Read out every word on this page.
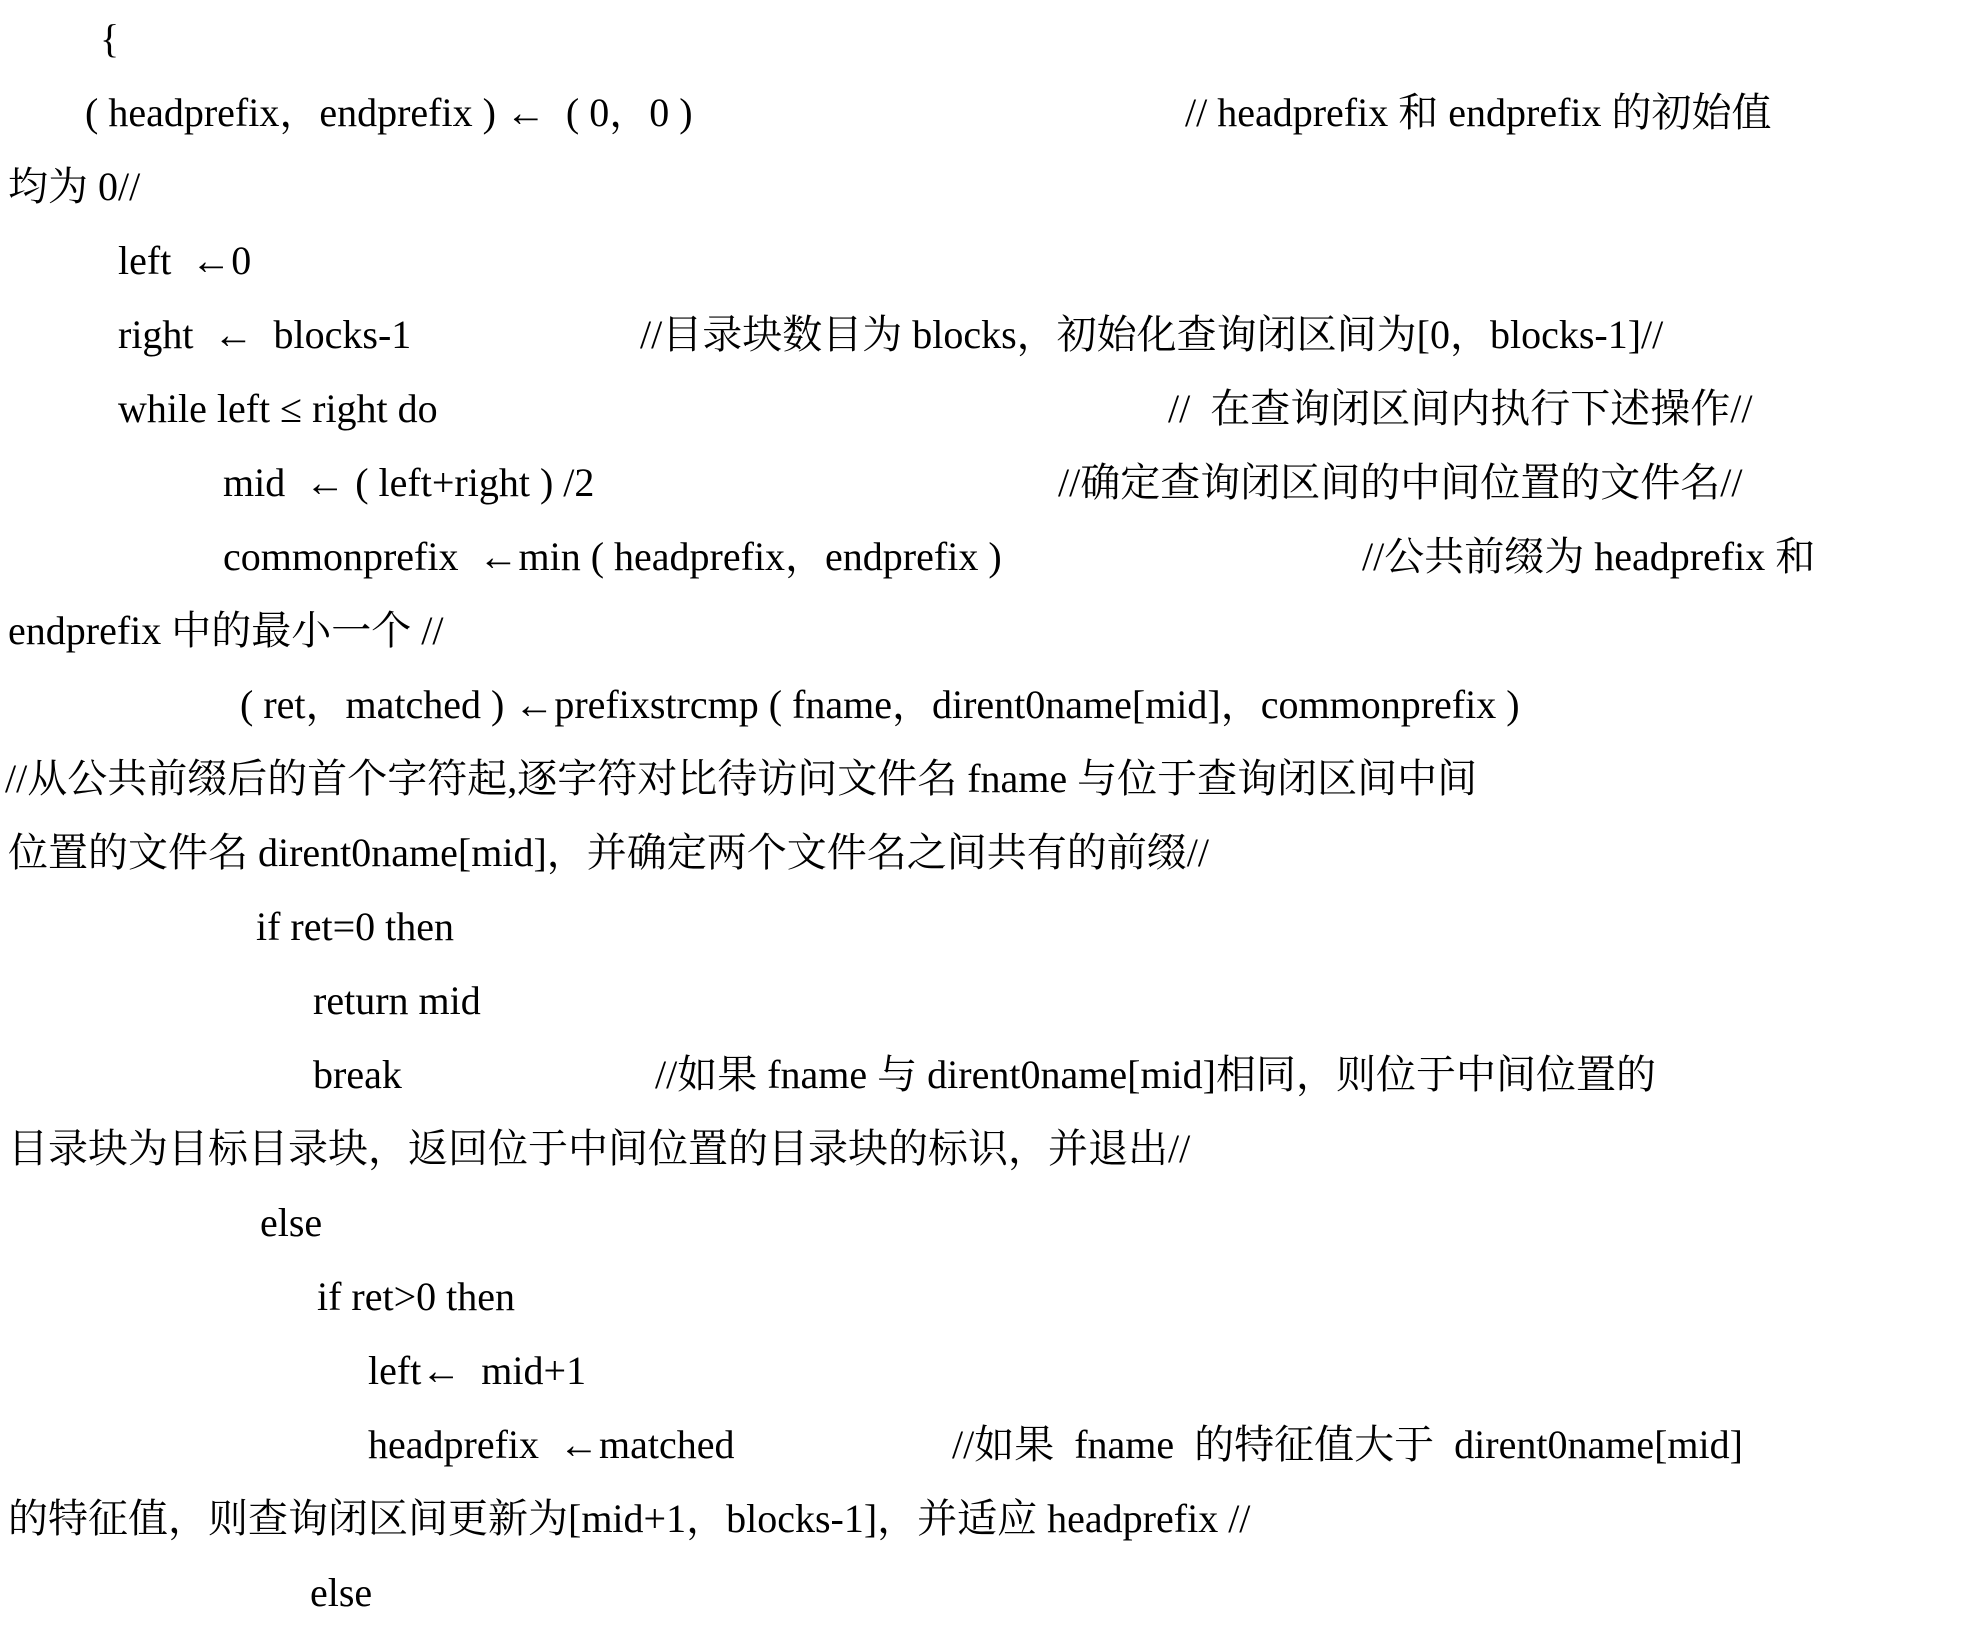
{
( headprefix，endprefix ) ←  ( 0，0 )	// headprefix 和 endprefix 的初始值
均为 0//
left  ←0
right  ←  blocks-1	//目录块数目为 blocks，初始化查询闭区间为[0，blocks-1]//
while left ≤ right do	//  在查询闭区间内执行下述操作//
mid  ← ( left+right ) /2	//确定查询闭区间的中间位置的文件名//
commonprefix  ←min ( headprefix，endprefix )	//公共前缀为 headprefix 和
endprefix 中的最小一个 //
( ret，matched ) ←prefixstrcmp ( fname，dirent0name[mid]，commonprefix )
//从公共前缀后的首个字符起,逐字符对比待访问文件名 fname 与位于查询闭区间中间
位置的文件名 dirent0name[mid]，并确定两个文件名之间共有的前缀//
if ret=0 then
return mid
break	//如果 fname 与 dirent0name[mid]相同，则位于中间位置的
目录块为目标目录块，返回位于中间位置的目录块的标识，并退出//
else
if ret>0 then
left←  mid+1
headprefix  ←matched	//如果  fname  的特征值大于  dirent0name[mid]
的特征值，则查询闭区间更新为[mid+1，blocks-1]，并适应 headprefix //
else
